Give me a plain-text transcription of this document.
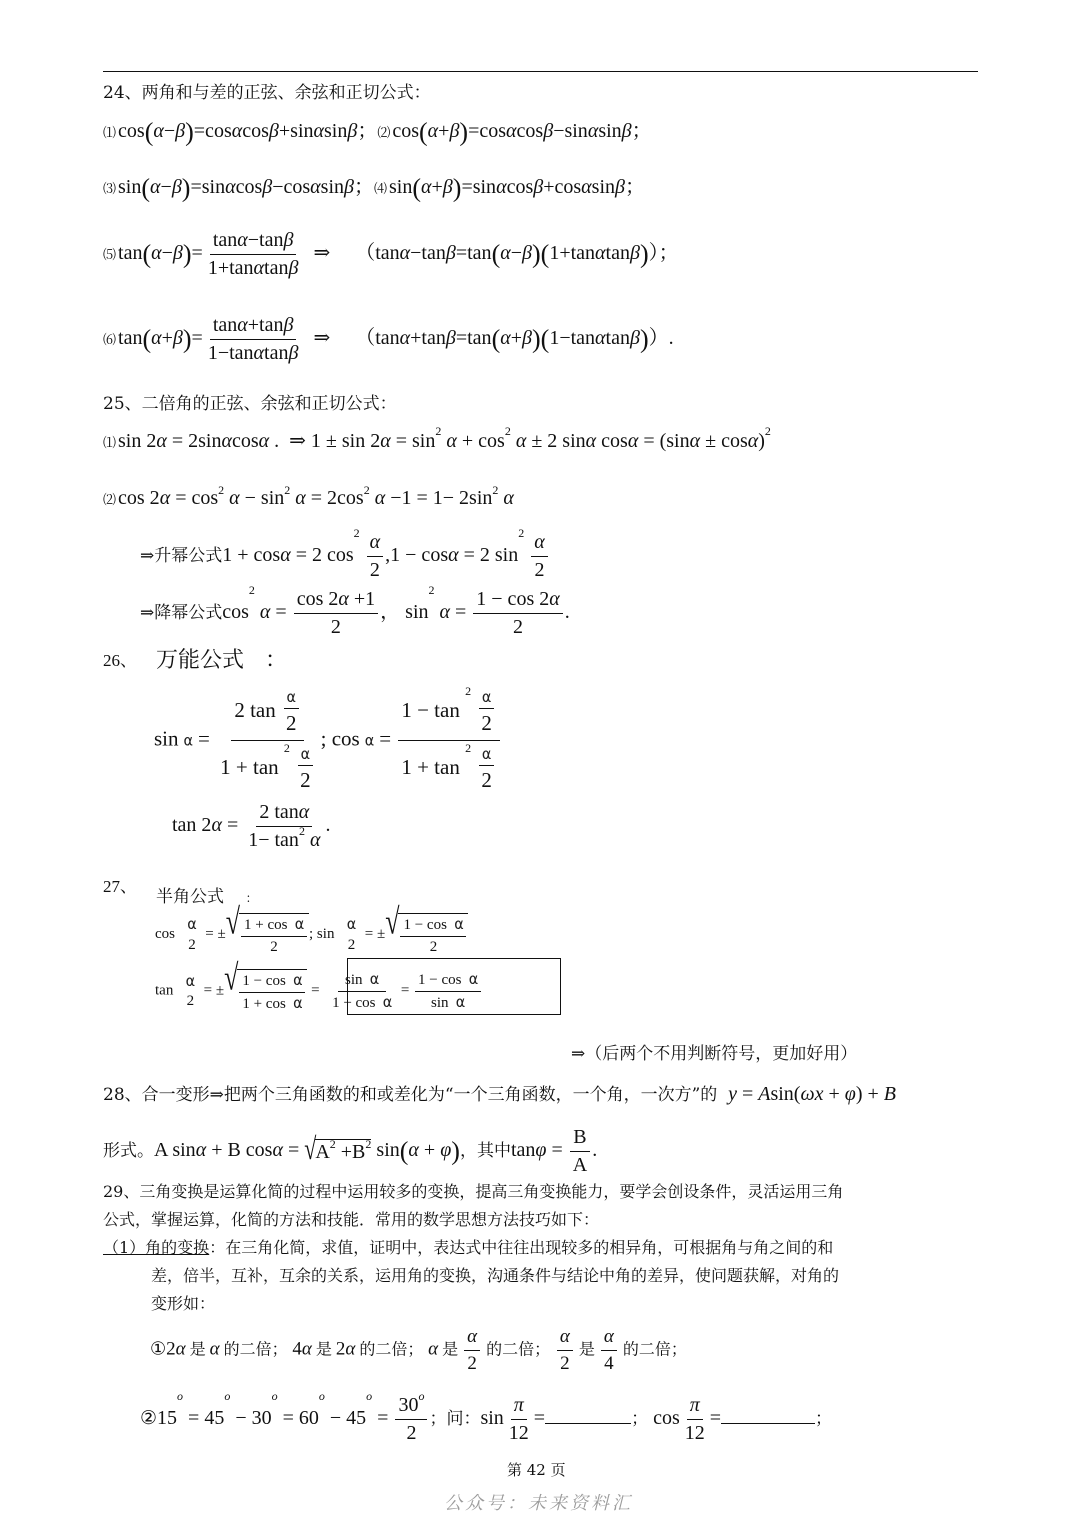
24、两角和与差的正弦、余弦和正切公式：
⑴ cos(α−β)=cosαcosβ+sinαsinβ；⑵ cos(α+β)=cosαcosβ−sinαsinβ；
⑶ sin(α−β)=sinαcosβ−cosαsinβ；⑷ sin(α+β)=sinαcosβ+cosαsinβ；
⑸ $\tan(\alpha-\beta)= \frac{\tan\alpha-\tan\beta}{1+\tan\alpha\tan\beta}$ ⇒ （tanα−tanβ=tan(α−β)(1+tanαtanβ)）；
⑹ $\tan(\alpha+\beta)= \frac{\tan\alpha+\tan\beta}{1-\tan\alpha\tan\beta}$ ⇒ （tanα+tanβ=tan(α+β)(1−tanαtanβ)）.
25、二倍角的正弦、余弦和正切公式：
⑴ sin 2α = 2sinαcosα .  ⇒ $1 \pm \sin 2\alpha = \sin^2 \alpha + \cos^2 \alpha \pm 2$ sinα $\cos\alpha = (\sin\alpha \pm \cos\alpha)^2$
⑵ $\cos 2\alpha = \cos^2 \alpha - \sin^2 \alpha = 2\cos^2$ $\alpha -1 = 1- 2\sin^2$ α
⇒升幂公式1 + cosα = 2 $\cos^2 \frac{\alpha}{2} ,1 - \cos\alpha = 2$ $\sin^2 \frac{\alpha}{2}$
⇒降幂公式$\cos^2 \alpha = \frac{\cos 2\alpha +1}{2}$ ， $\sin^2 \alpha = \frac{1 - \cos 2\alpha}{2}$ .
26、 万能公式 ：
$\sin \alpha = \frac{2 \tan \frac{\alpha}{2}}{1 + \tan ^2 \frac{\alpha}{2}}$ ; $\cos \alpha = \frac{1 - \tan ^2 \frac{\alpha}{2}}{1 + \tan ^2 \frac{\alpha}{2}}$
$\tan 2\alpha = \frac{2 \tan\alpha}{1- \tan^2 \alpha}$ .
27、
半角公式 ：
cos
α
2
= ± √ $\frac{\text{1 + cos  α}}{2}$ ; sin
α
2
= ± √ $\frac{\text{1 − cos  α}}{2}$
tan
α
2
= ± √ $\frac{\text{1 − cos  α}}{\text{1 + cos  α}} = \frac{\text{sin  α}}{\text{1 + cos  α}} = \frac{\text{1 − cos  α}}{\text{sin  α}}$
⇒（后两个不用判断符号，更加好用）
28、合一变形⇒把两个三角函数的和或差化为“一个三角函数，一个角，一次方”的 y = Asin(ωx + φ) + B
形式。A sinα + B cosα = √ $A^2 +B^2$ sin(α + φ)，其中$\tan\varphi = \frac{B}{A}$ .
29、三角变换是运算化简的过程中运用较多的变换，提高三角变换能力，要学会创设条件，灵活运用三角
公式，掌握运算，化简的方法和技能．常用的数学思想方法技巧如下：
（1）角的变换：在三角化简，求值，证明中，表达式中往往出现较多的相异角，可根据角与角之间的和
差，倍半，互补，互余的关系，运用角的变换，沟通条件与结论中角的差异，使问题获解，对角的
变形如：
①2α 是 α 的二倍； 4α 是 2α 的二倍； α 是 $\frac{\alpha}{2}$ 的二倍； $\frac{\alpha}{2}$ 是 $\frac{\alpha}{4}$ 的二倍；
$②15^o = 45^o - 30^o = 60^o - 45^o = \frac{30^o}{2}$ ；问：$\sin \frac{\pi}{12}$ =	； $\cos \frac{\pi}{12}$ =	；
第 42 页
公众号：未来资料汇
